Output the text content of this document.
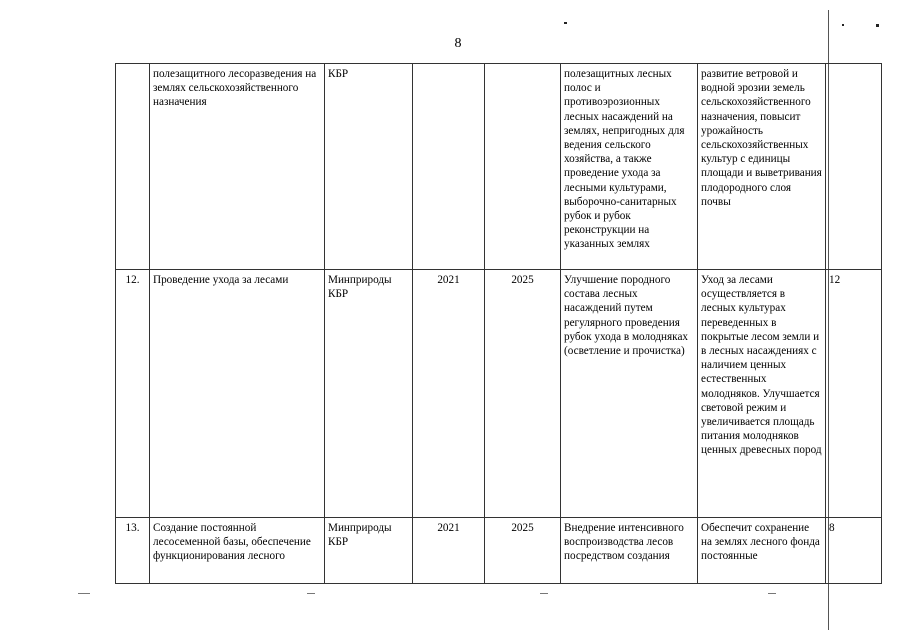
8
	полезащитного лесоразведения на землях сельскохозяйственного назначения	КБР			полезащитных лесных полос и противоэрозионных лесных насаждений на землях, непригодных для ведения сельского хозяйства, а также проведение ухода за лесными культурами, выборочно-санитарных рубок и рубок реконструкции на указанных землях	развитие ветровой и водной эрозии земель сельскохозяйственного назначения, повысит урожайность сельскохозяйственных культур с единицы площади и выветривания плодородного слоя почвы	
12.	Проведение ухода за лесами	Минприроды КБР	2021	2025	Улучшение породного состава лесных насаждений путем регулярного проведения рубок ухода в молодняках (осветление и прочистка)	Уход за лесами осуществляется в лесных культурах переведенных в покрытые лесом земли и в лесных насаждениях с наличием ценных естественных молодняков. Улучшается световой режим и увеличивается площадь питания молодняков ценных древесных пород	12
13.	Создание постоянной лесосеменной базы, обеспечение функционирования лесного	Минприроды КБР	2021	2025	Внедрение интенсивного воспроизводства лесов посредством создания	Обеспечит сохранение на землях лесного фонда постоянные	8
